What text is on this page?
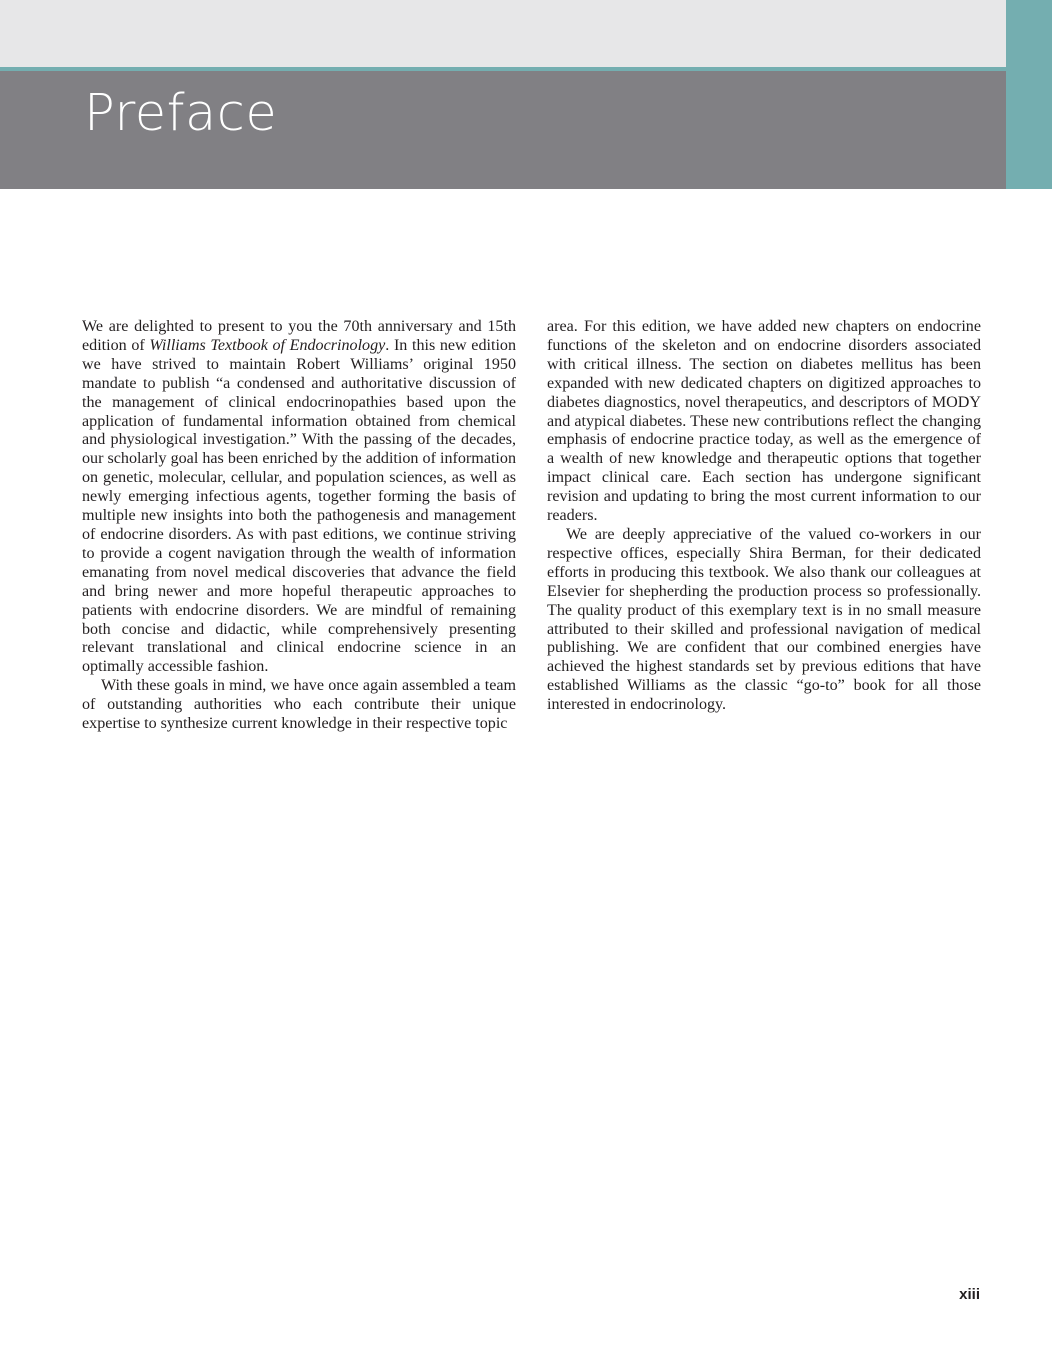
Preface

We are delighted to present to you the 70th anniversary and 15th edition of Williams Textbook of Endocrinology. In this new edition we have strived to maintain Robert Williams’ original 1950 mandate to publish “a condensed and authoritative discussion of the management of clinical endocrinopathies based upon the application of fundamental information obtained from chemical and physiological investigation.” With the passing of the decades, our scholarly goal has been enriched by the addition of information on genetic, molecular, cellular, and population sciences, as well as newly emerging infectious agents, together forming the basis of multiple new insights into both the pathogenesis and management of endocrine disorders. As with past editions, we continue striving to provide a cogent navigation through the wealth of information emanating from novel medical discoveries that advance the field and bring newer and more hopeful therapeutic approaches to patients with endocrine disorders. We are mindful of remaining both concise and didactic, while comprehensively presenting relevant translational and clinical endocrine science in an optimally accessible fashion.

With these goals in mind, we have once again assembled a team of outstanding authorities who each contribute their unique expertise to synthesize current knowledge in their respective topic

area. For this edition, we have added new chapters on endocrine functions of the skeleton and on endocrine disorders associated with critical illness. The section on diabetes mellitus has been expanded with new dedicated chapters on digitized approaches to diabetes diagnostics, novel therapeutics, and descriptors of MODY and atypical diabetes. These new contributions reflect the changing emphasis of endocrine practice today, as well as the emergence of a wealth of new knowledge and therapeutic options that together impact clinical care. Each section has undergone significant revision and updating to bring the most current information to our readers.

We are deeply appreciative of the valued co-workers in our respective offices, especially Shira Berman, for their dedicated efforts in producing this textbook. We also thank our colleagues at Elsevier for shepherding the production process so professionally. The quality product of this exemplary text is in no small measure attributed to their skilled and professional navigation of medical publishing. We are confident that our combined energies have achieved the highest standards set by previous editions that have established Williams as the classic “go-to” book for all those interested in endocrinology.

xiii
